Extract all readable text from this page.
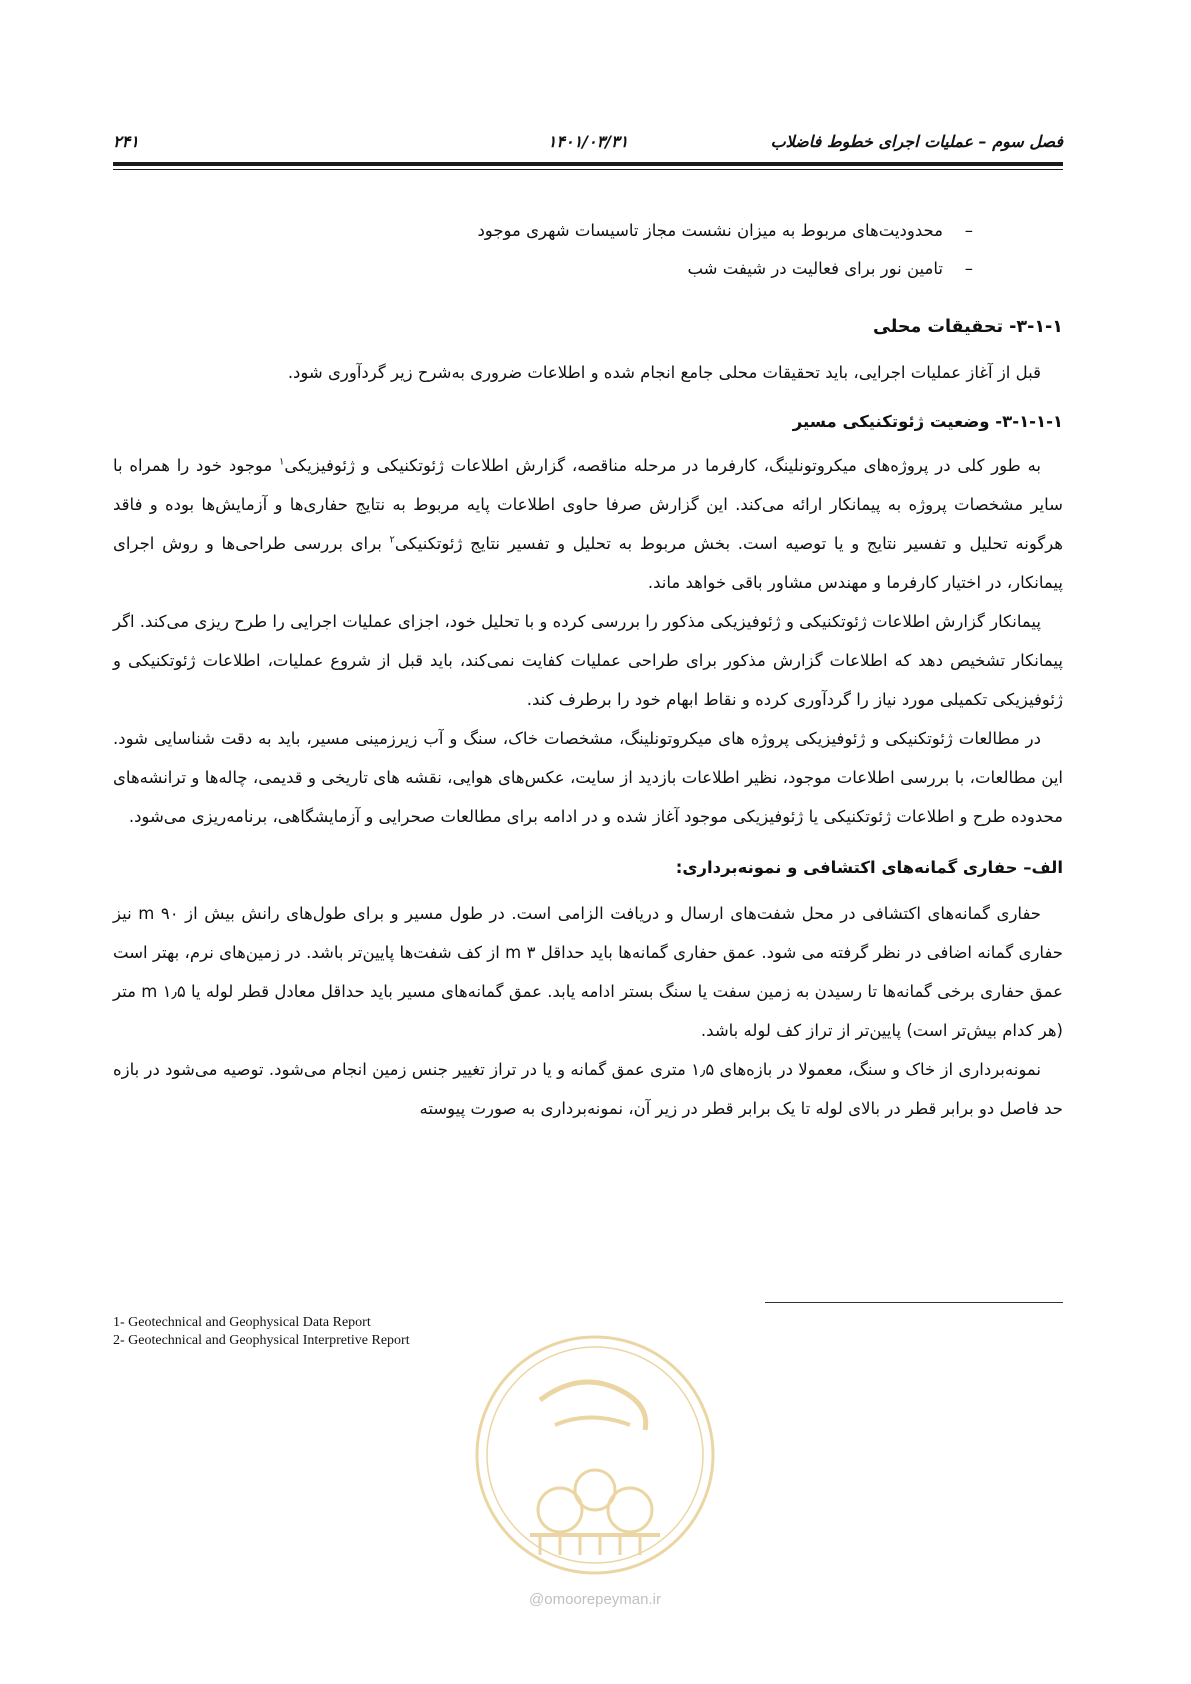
فصل سوم – عملیات اجرای خطوط فاضلاب
۱۴۰۱/۰۳/۳۱
۲۴۱
–
محدودیت‌های مربوط به میزان نشست مجاز تاسیسات شهری موجود
–
تامین نور برای فعالیت در شیفت شب
۳-۱-۱- تحقیقات محلی

قبل از آغاز عملیات اجرایی، باید تحقیقات محلی جامع انجام شده و اطلاعات ضروری به‌شرح زیر گردآوری شود.

۳-۱-۱-۱- وضعیت ژئوتکنیکی مسیر

به طور کلی در پروژه‌های میکروتونلینگ، کارفرما در مرحله مناقصه، گزارش اطلاعات ژئوتکنیکی و ژئوفیزیکی$^۱$ موجود خود را همراه با سایر مشخصات پروژه به پیمانکار ارائه می‌کند. این گزارش صرفا حاوی اطلاعات پایه مربوط به نتایج حفاری‌ها و آزمایش‌ها بوده و فاقد هرگونه تحلیل و تفسیر نتایج و یا توصیه است. بخش مربوط به تحلیل و تفسیر نتایج ژئوتکنیکی$^۲$ برای بررسی طراحی‌ها و روش اجرای پیمانکار، در اختیار کارفرما و مهندس مشاور باقی خواهد ماند.

پیمانکار گزارش اطلاعات ژئوتکنیکی و ژئوفیزیکی مذکور را بررسی کرده و با تحلیل خود، اجزای عملیات اجرایی را طرح ریزی می‌کند. اگر پیمانکار تشخیص دهد که اطلاعات گزارش مذکور برای طراحی عملیات کفایت نمی‌کند، باید قبل از شروع عملیات، اطلاعات ژئوتکنیکی و ژئوفیزیکی تکمیلی مورد نیاز را گردآوری کرده و نقاط ابهام خود را برطرف کند.

در مطالعات ژئوتکنیکی و ژئوفیزیکی پروژه های میکروتونلینگ، مشخصات خاک، سنگ و آب زیرزمینی مسیر، باید به دقت شناسایی شود. این مطالعات، با بررسی اطلاعات موجود، نظیر اطلاعات بازدید از سایت، عکس‌های هوایی، نقشه های تاریخی و قدیمی، چاله‌ها و ترانشه‌های محدوده طرح و اطلاعات ژئوتکنیکی یا ژئوفیزیکی موجود آغاز شده و در ادامه برای مطالعات صحرایی و آزمایشگاهی، برنامه‌ریزی می‌شود.

الف– حفاری گمانه‌های اکتشافی و نمونه‌برداری:

حفاری گمانه‌های اکتشافی در محل شفت‌های ارسال و دریافت الزامی است. در طول مسیر و برای طول‌های رانش بیش از ۹۰ m نیز حفاری گمانه اضافی در نظر گرفته می شود. عمق حفاری گمانه‌ها باید حداقل ۳ m از کف شفت‌ها پایین‌تر باشد. در زمین‌های نرم، بهتر است عمق حفاری برخی گمانه‌ها تا رسیدن به زمین سفت یا سنگ بستر ادامه یابد. عمق گمانه‌های مسیر باید حداقل معادل قطر لوله یا ۱٫۵ m متر (هر کدام بیش‌تر است) پایین‌تر از تراز کف لوله باشد.

نمونه‌برداری از خاک و سنگ، معمولا در بازه‌های ۱٫۵ متری عمق گمانه و یا در تراز تغییر جنس زمین انجام می‌شود. توصیه می‌شود در بازه حد فاصل دو برابر قطر در بالای لوله تا یک برابر قطر در زیر آن، نمونه‌برداری به صورت پیوسته

1- Geotechnical and Geophysical Data Report
2- Geotechnical and Geophysical Interpretive Report
@omoorepeyman.ir
